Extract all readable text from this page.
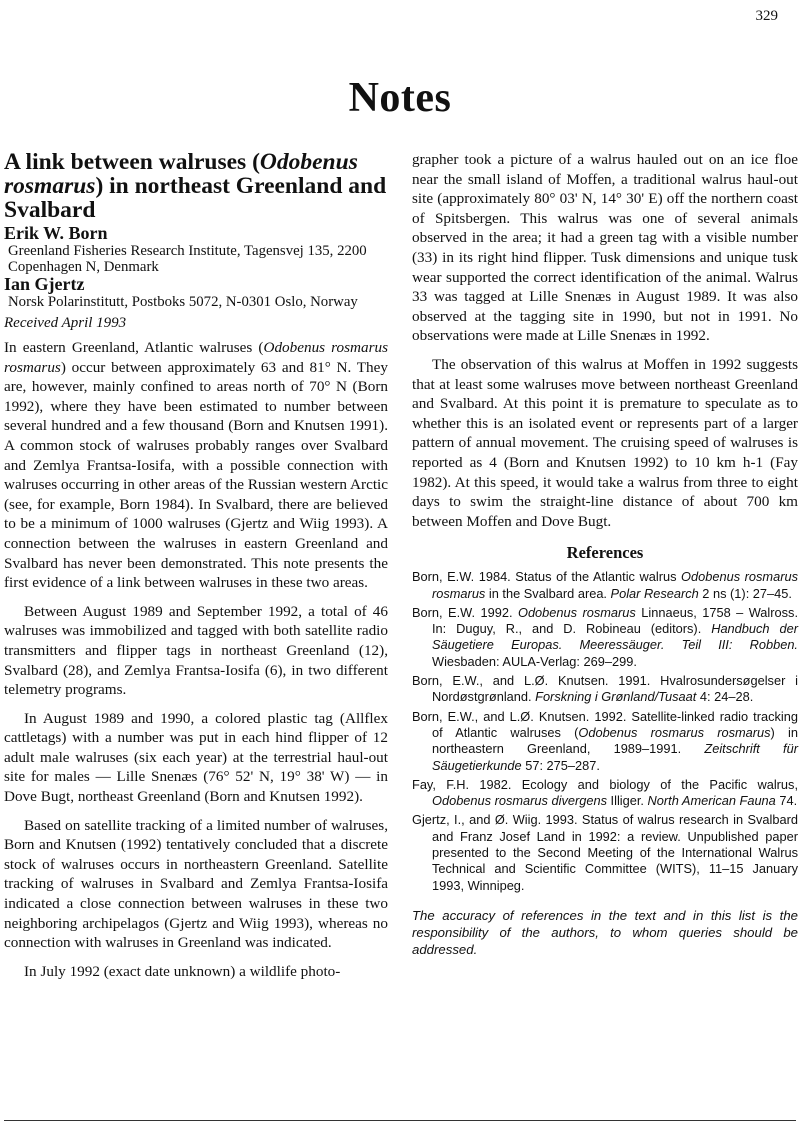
329
Notes
A link between walruses (Odobenus rosmarus) in northeast Greenland and Svalbard
Erik W. Born
Greenland Fisheries Research Institute, Tagensvej 135, 2200 Copenhagen N, Denmark
Ian Gjertz
Norsk Polarinstitutt, Postboks 5072, N-0301 Oslo, Norway
Received April 1993

In eastern Greenland, Atlantic walruses (Odobenus rosmarus rosmarus) occur between approximately 63 and 81° N. They are, however, mainly confined to areas north of 70° N (Born 1992), where they have been estimated to number between several hundred and a few thousand (Born and Knutsen 1991). A common stock of walruses probably ranges over Svalbard and Zemlya Frantsa-Iosifa, with a possible connection with walruses occurring in other areas of the Russian western Arctic (see, for example, Born 1984). In Svalbard, there are believed to be a minimum of 1000 walruses (Gjertz and Wiig 1993). A connection between the walruses in eastern Greenland and Svalbard has never been demonstrated. This note presents the first evidence of a link between walruses in these two areas.

Between August 1989 and September 1992, a total of 46 walruses was immobilized and tagged with both satellite radio transmitters and flipper tags in northeast Greenland (12), Svalbard (28), and Zemlya Frantsa-Iosifa (6), in two different telemetry programs.

In August 1989 and 1990, a colored plastic tag (Allflex cattletags) with a number was put in each hind flipper of 12 adult male walruses (six each year) at the terrestrial haul-out site for males — Lille Snenæs (76° 52' N, 19° 38' W) — in Dove Bugt, northeast Greenland (Born and Knutsen 1992).

Based on satellite tracking of a limited number of walruses, Born and Knutsen (1992) tentatively concluded that a discrete stock of walruses occurs in northeastern Greenland. Satellite tracking of walruses in Svalbard and Zemlya Frantsa-Iosifa indicated a close connection between walruses in these two neighboring archipelagos (Gjertz and Wiig 1993), whereas no connection with walruses in Greenland was indicated.

In July 1992 (exact date unknown) a wildlife photo-

grapher took a picture of a walrus hauled out on an ice floe near the small island of Moffen, a traditional walrus haul-out site (approximately 80° 03' N, 14° 30' E) off the northern coast of Spitsbergen. This walrus was one of several animals observed in the area; it had a green tag with a visible number (33) in its right hind flipper. Tusk dimensions and unique tusk wear supported the correct identification of the animal. Walrus 33 was tagged at Lille Snenæs in August 1989. It was also observed at the tagging site in 1990, but not in 1991. No observations were made at Lille Snenæs in 1992.

The observation of this walrus at Moffen in 1992 suggests that at least some walruses move between northeast Greenland and Svalbard. At this point it is premature to speculate as to whether this is an isolated event or represents part of a larger pattern of annual movement. The cruising speed of walruses is reported as 4 (Born and Knutsen 1992) to 10 km h-1 (Fay 1982). At this speed, it would take a walrus from three to eight days to swim the straight-line distance of about 700 km between Moffen and Dove Bugt.

References
Born, E.W. 1984. Status of the Atlantic walrus Odobenus rosmarus rosmarus in the Svalbard area. Polar Research 2 ns (1): 27–45.
Born, E.W. 1992. Odobenus rosmarus Linnaeus, 1758 – Walross. In: Duguy, R., and D. Robineau (editors). Handbuch der Säugetiere Europas. Meeressäuger. Teil III: Robben. Wiesbaden: AULA-Verlag: 269–299.
Born, E.W., and L.Ø. Knutsen. 1991. Hvalrosundersøgelser i Nordøstgrønland. Forskning i Grønland/Tusaat 4: 24–28.
Born, E.W., and L.Ø. Knutsen. 1992. Satellite-linked radio tracking of Atlantic walruses (Odobenus rosmarus rosmarus) in northeastern Greenland, 1989–1991. Zeitschrift für Säugetierkunde 57: 275–287.
Fay, F.H. 1982. Ecology and biology of the Pacific walrus, Odobenus rosmarus divergens Illiger. North American Fauna 74.
Gjertz, I., and Ø. Wiig. 1993. Status of walrus research in Svalbard and Franz Josef Land in 1992: a review. Unpublished paper presented to the Second Meeting of the International Walrus Technical and Scientific Committee (WITS), 11–15 January 1993, Winnipeg.
The accuracy of references in the text and in this list is the responsibility of the authors, to whom queries should be addressed.
